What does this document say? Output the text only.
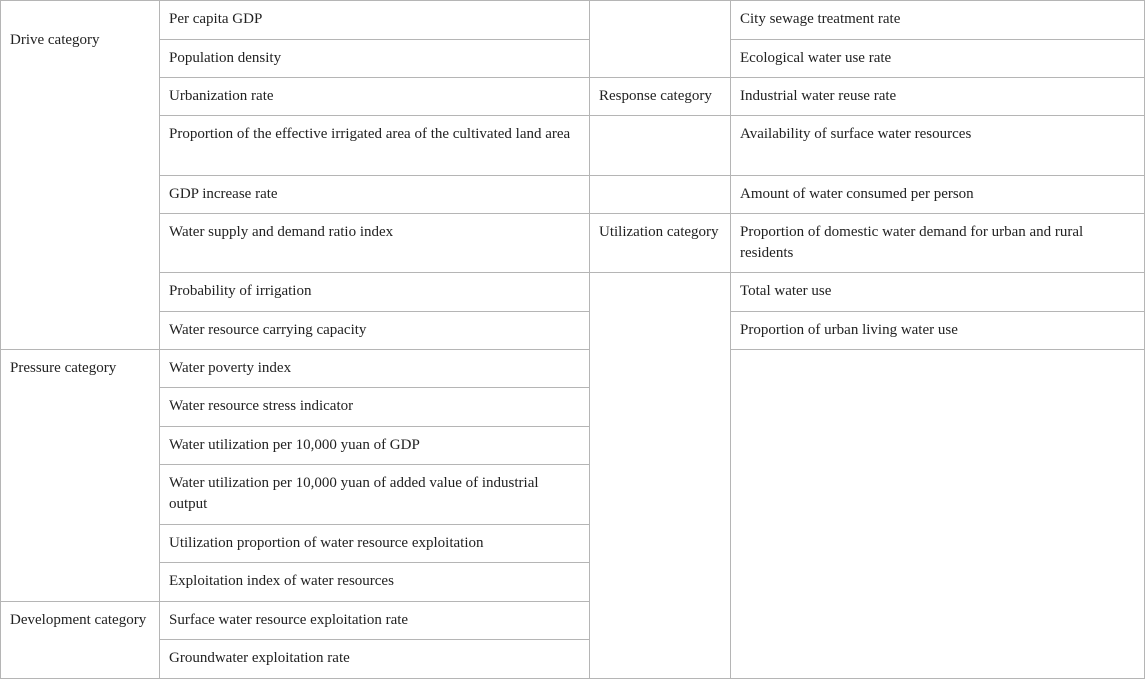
Drive category
Pressure category
Development category
Per capita GDP
Population density
Urbanization rate
Proportion of the effective irrigated area of the cultivated land area
GDP increase rate
Water supply and demand ratio index
Probability of irrigation
Water resource carrying capacity
Water poverty index
Water resource stress indicator
Water utilization per 10,000 yuan of GDP
Water utilization per 10,000 yuan of added value of industrial output
Utilization proportion of water resource exploitation
Exploitation index of water resources
Surface water resource exploitation rate
Groundwater exploitation rate
Response category
Utilization category
City sewage treatment rate
Ecological water use rate
Industrial water reuse rate
Availability of surface water resources
Amount of water consumed per person
Proportion of domestic water demand for urban and rural residents
Total water use
Proportion of urban living water use
